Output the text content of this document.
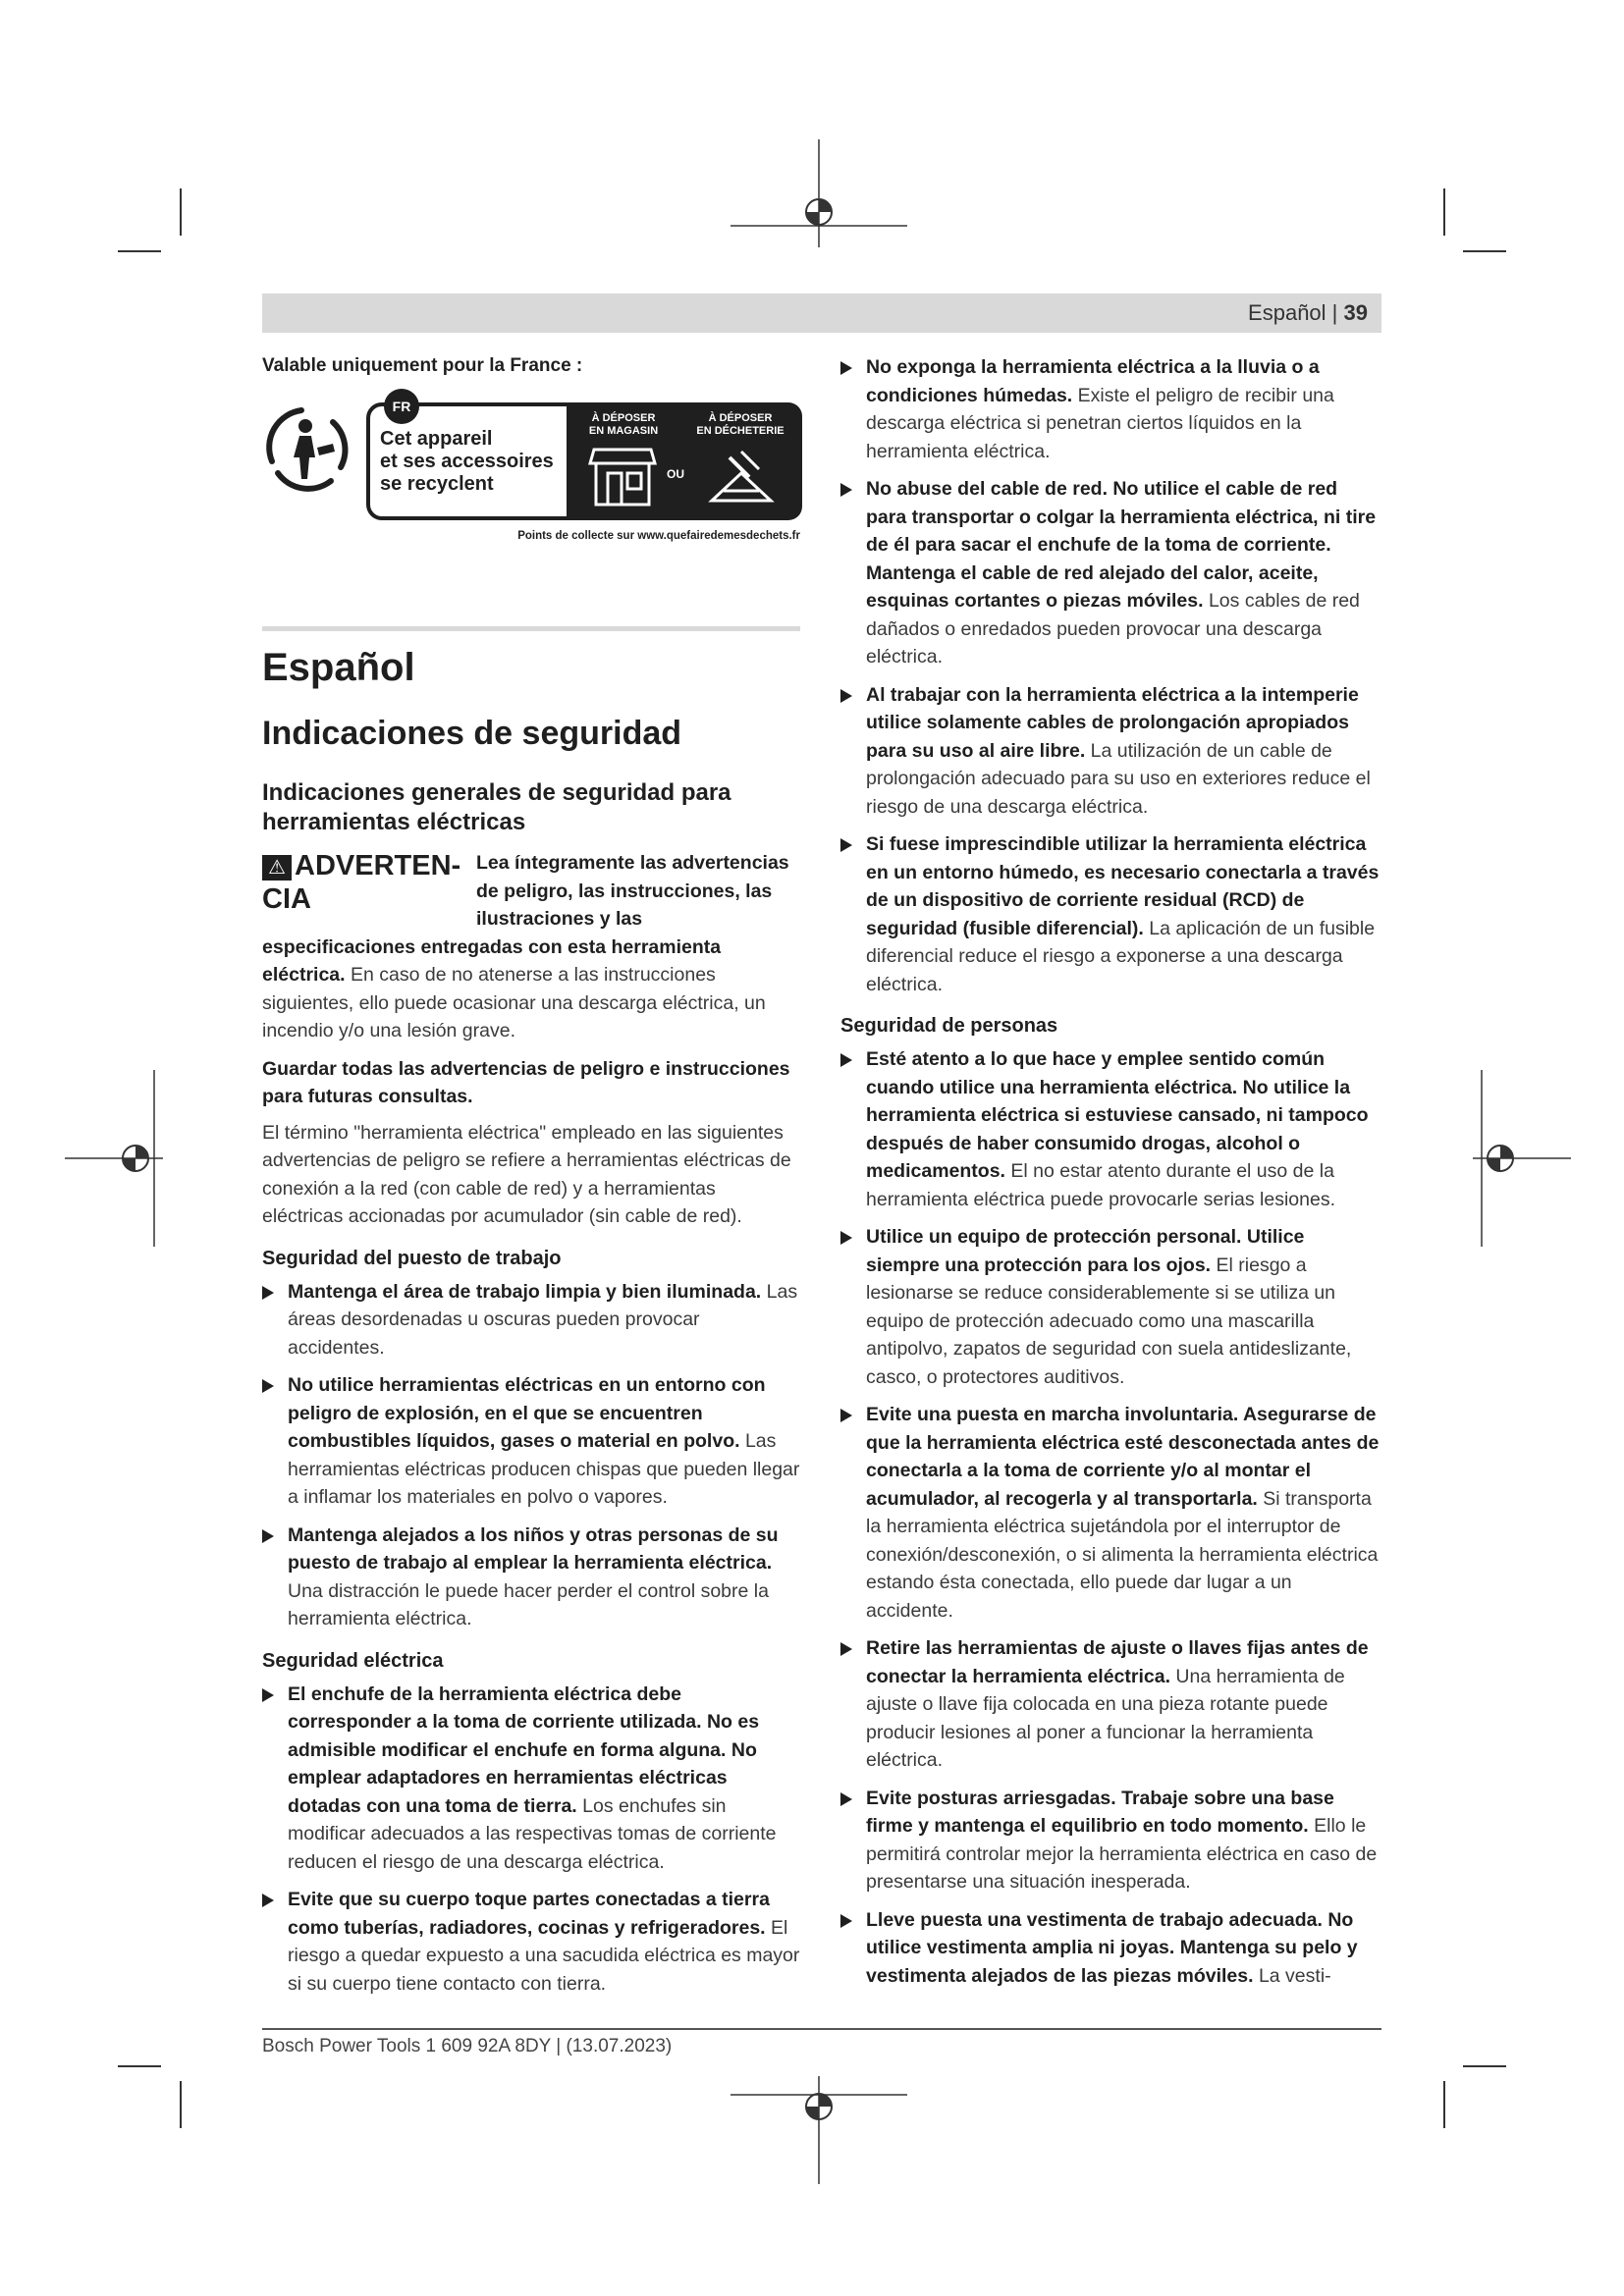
Español | 39

Valable uniquement pour la France :

FR
Cet appareil
et ses accessoires
se recyclent
À DÉPOSER
EN MAGASIN
À DÉPOSER
EN DÉCHETERIE
OU
Points de collecte sur www.quefairedemesdechets.fr
Español
Indicaciones de seguridad
Indicaciones generales de seguridad para herramientas eléctricas
⚠ ADVERTEN-CIA

Lea íntegramente las advertencias de peligro, las instrucciones, las ilustraciones y las especificaciones entregadas con esta herramienta eléctrica. En caso de no atenerse a las instrucciones siguientes, ello puede ocasionar una descarga eléctrica, un incendio y/o una lesión grave.

Guardar todas las advertencias de peligro e instrucciones para futuras consultas.

El término "herramienta eléctrica" empleado en las siguientes advertencias de peligro se refiere a herramientas eléctricas de conexión a la red (con cable de red) y a herramientas eléctricas accionadas por acumulador (sin cable de red).

Seguridad del puesto de trabajo
Mantenga el área de trabajo limpia y bien iluminada. Las áreas desordenadas u oscuras pueden provocar accidentes.
No utilice herramientas eléctricas en un entorno con peligro de explosión, en el que se encuentren combustibles líquidos, gases o material en polvo. Las herramientas eléctricas producen chispas que pueden llegar a inflamar los materiales en polvo o vapores.
Mantenga alejados a los niños y otras personas de su puesto de trabajo al emplear la herramienta eléctrica. Una distracción le puede hacer perder el control sobre la herramienta eléctrica.
Seguridad eléctrica
El enchufe de la herramienta eléctrica debe corresponder a la toma de corriente utilizada. No es admisible modificar el enchufe en forma alguna. No emplear adaptadores en herramientas eléctricas dotadas con una toma de tierra. Los enchufes sin modificar adecuados a las respectivas tomas de corriente reducen el riesgo de una descarga eléctrica.
Evite que su cuerpo toque partes conectadas a tierra como tuberías, radiadores, cocinas y refrigeradores. El riesgo a quedar expuesto a una sacudida eléctrica es mayor si su cuerpo tiene contacto con tierra.
No exponga la herramienta eléctrica a la lluvia o a condiciones húmedas. Existe el peligro de recibir una descarga eléctrica si penetran ciertos líquidos en la herramienta eléctrica.
No abuse del cable de red. No utilice el cable de red para transportar o colgar la herramienta eléctrica, ni tire de él para sacar el enchufe de la toma de corriente. Mantenga el cable de red alejado del calor, aceite, esquinas cortantes o piezas móviles. Los cables de red dañados o enredados pueden provocar una descarga eléctrica.
Al trabajar con la herramienta eléctrica a la intemperie utilice solamente cables de prolongación apropiados para su uso al aire libre. La utilización de un cable de prolongación adecuado para su uso en exteriores reduce el riesgo de una descarga eléctrica.
Si fuese imprescindible utilizar la herramienta eléctrica en un entorno húmedo, es necesario conectarla a través de un dispositivo de corriente residual (RCD) de seguridad (fusible diferencial). La aplicación de un fusible diferencial reduce el riesgo a exponerse a una descarga eléctrica.
Seguridad de personas
Esté atento a lo que hace y emplee sentido común cuando utilice una herramienta eléctrica. No utilice la herramienta eléctrica si estuviese cansado, ni tampoco después de haber consumido drogas, alcohol o medicamentos. El no estar atento durante el uso de la herramienta eléctrica puede provocarle serias lesiones.
Utilice un equipo de protección personal. Utilice siempre una protección para los ojos. El riesgo a lesionarse se reduce considerablemente si se utiliza un equipo de protección adecuado como una mascarilla antipolvo, zapatos de seguridad con suela antideslizante, casco, o protectores auditivos.
Evite una puesta en marcha involuntaria. Asegurarse de que la herramienta eléctrica esté desconectada antes de conectarla a la toma de corriente y/o al montar el acumulador, al recogerla y al transportarla. Si transporta la herramienta eléctrica sujetándola por el interruptor de conexión/desconexión, o si alimenta la herramienta eléctrica estando ésta conectada, ello puede dar lugar a un accidente.
Retire las herramientas de ajuste o llaves fijas antes de conectar la herramienta eléctrica. Una herramienta de ajuste o llave fija colocada en una pieza rotante puede producir lesiones al poner a funcionar la herramienta eléctrica.
Evite posturas arriesgadas. Trabaje sobre una base firme y mantenga el equilibrio en todo momento. Ello le permitirá controlar mejor la herramienta eléctrica en caso de presentarse una situación inesperada.
Lleve puesta una vestimenta de trabajo adecuada. No utilice vestimenta amplia ni joyas. Mantenga su pelo y vestimenta alejados de las piezas móviles. La vesti-
Bosch Power Tools 1 609 92A 8DY | (13.07.2023)
